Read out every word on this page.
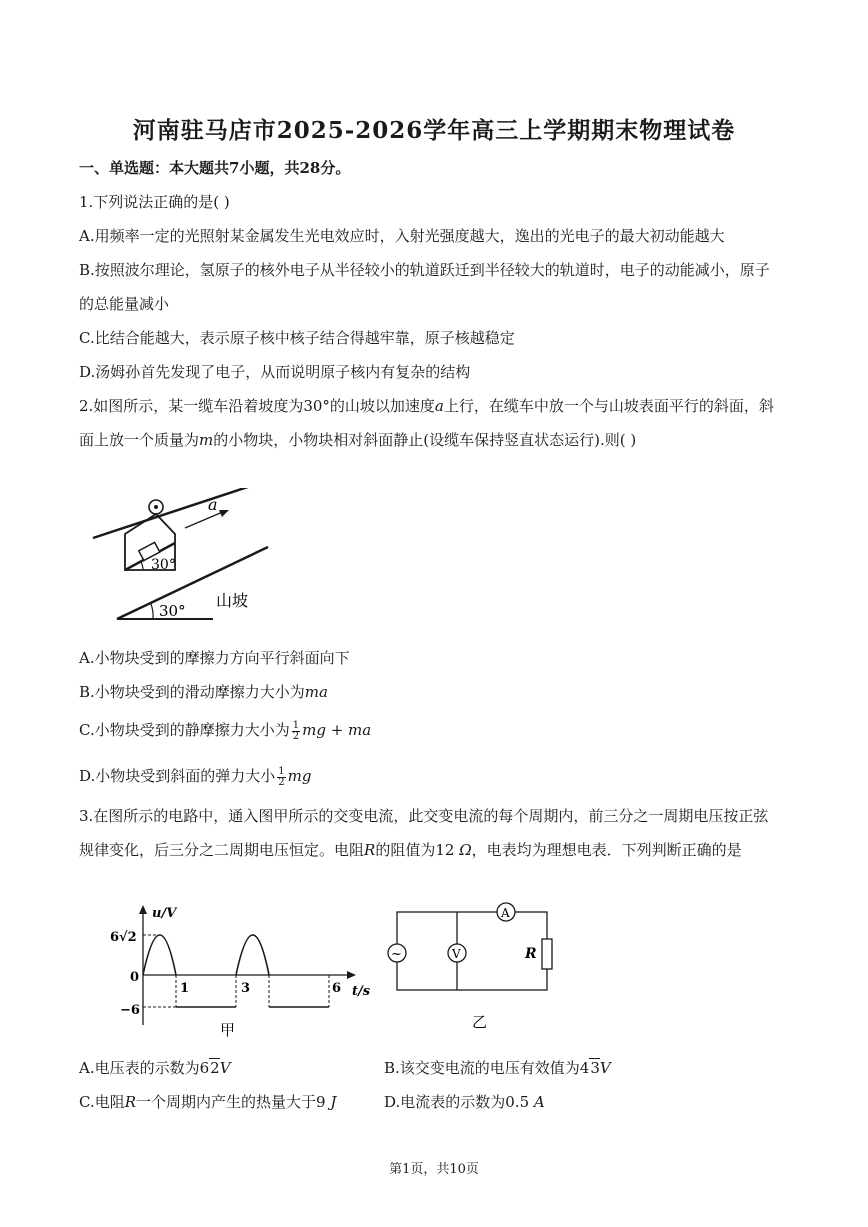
河南驻马店市2025-2026学年高三上学期期末物理试卷
一、单选题：本大题共7小题，共28分。
1.下列说法正确的是( )
A.用频率一定的光照射某金属发生光电效应时，入射光强度越大，逸出的光电子的最大初动能越大
B.按照波尔理论，氢原子的核外电子从半径较小的轨道跃迁到半径较大的轨道时，电子的动能减小，原子
的总能量减小
C.比结合能越大，表示原子核中核子结合得越牢靠，原子核越稳定
D.汤姆孙首先发现了电子，从而说明原子核内有复杂的结构
2.如图所示，某一缆车沿着坡度为30°的山坡以加速度a上行，在缆车中放一个与山坡表面平行的斜面，斜
面上放一个质量为m的小物块，小物块相对斜面静止(设缆车保持竖直状态运行).则( )
30°
a
30°
山坡
A.小物块受到的摩擦力方向平行斜面向下
B.小物块受到的滑动摩擦力大小为ma
C.小物块受到的静摩擦力大小为 $\frac{1}{2}$ mg + ma
D.小物块受到斜面的弹力大小 $\frac{1}{2}$ mg
3.在图所示的电路中，通入图甲所示的交变电流，此交变电流的每个周期内，前三分之一周期电压按正弦
规律变化，后三分之二周期电压恒定。电阻R的阻值为12 Ω，电表均为理想电表．下列判断正确的是
u/V
t/s
6√2
0
−6
1	3	6
甲
~	V
A
R
乙
A.电压表的示数为62V	B.该交变电流的电压有效值为43V
C.电阻R一个周期内产生的热量大于9 J	D.电流表的示数为0.5 A
第1页，共10页
